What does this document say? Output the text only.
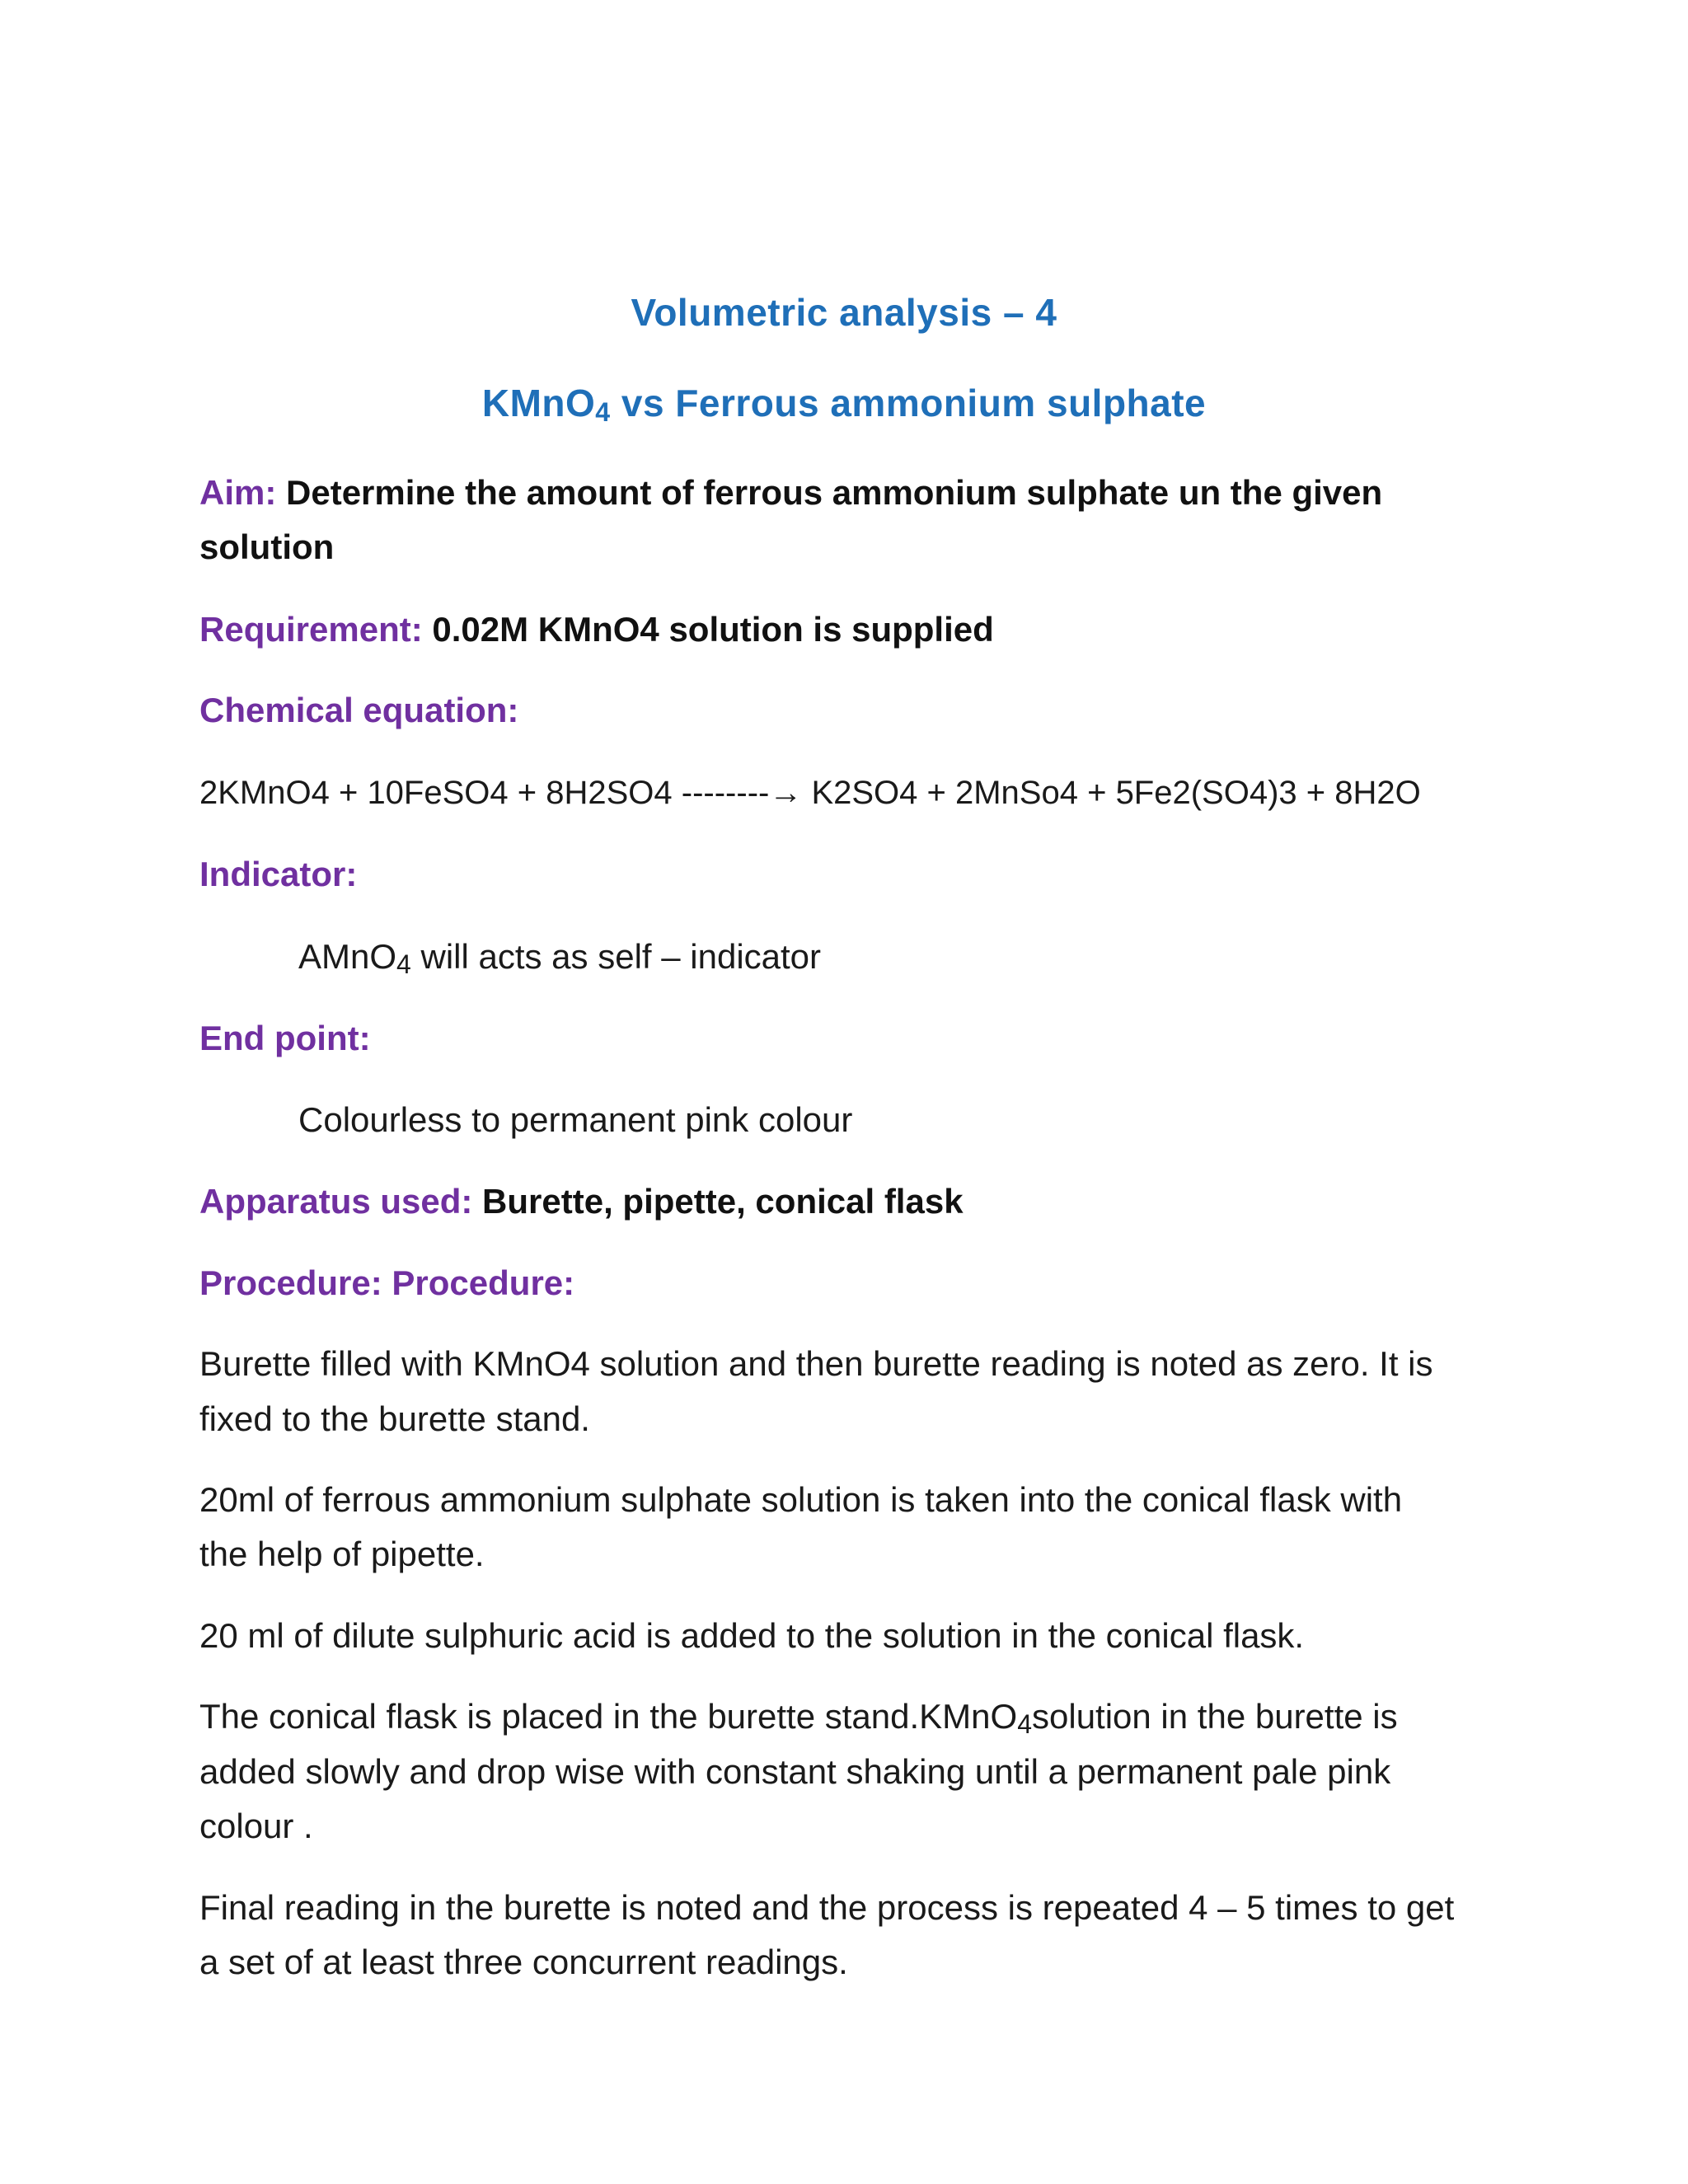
Volumetric analysis – 4
KMnO4 vs Ferrous ammonium sulphate
Aim: Determine the amount of ferrous ammonium sulphate un the given
solution
Requirement: 0.02M KMnO4 solution is supplied
Chemical equation:
2KMnO4 + 10FeSO4 + 8H2SO4 --------→ K2SO4 + 2MnSo4 + 5Fe2(SO4)3 + 8H2O
Indicator:
AMnO4 will acts as self – indicator
End point:
Colourless to permanent pink colour
Apparatus used: Burette, pipette, conical flask
Procedure: Procedure:
Burette filled with KMnO4 solution and then burette reading is noted as zero. It is
fixed to the burette stand.
20ml of ferrous ammonium sulphate solution is taken into the conical flask with
the help of pipette.
20 ml of dilute sulphuric acid is added to the solution in the conical flask.
The conical flask is placed in the burette stand.KMnO4solution in the burette is
added slowly and drop wise with constant shaking until a permanent pale pink
colour .
Final reading in the burette is noted and the process is repeated 4 – 5 times to get
a set of at least three concurrent readings.
